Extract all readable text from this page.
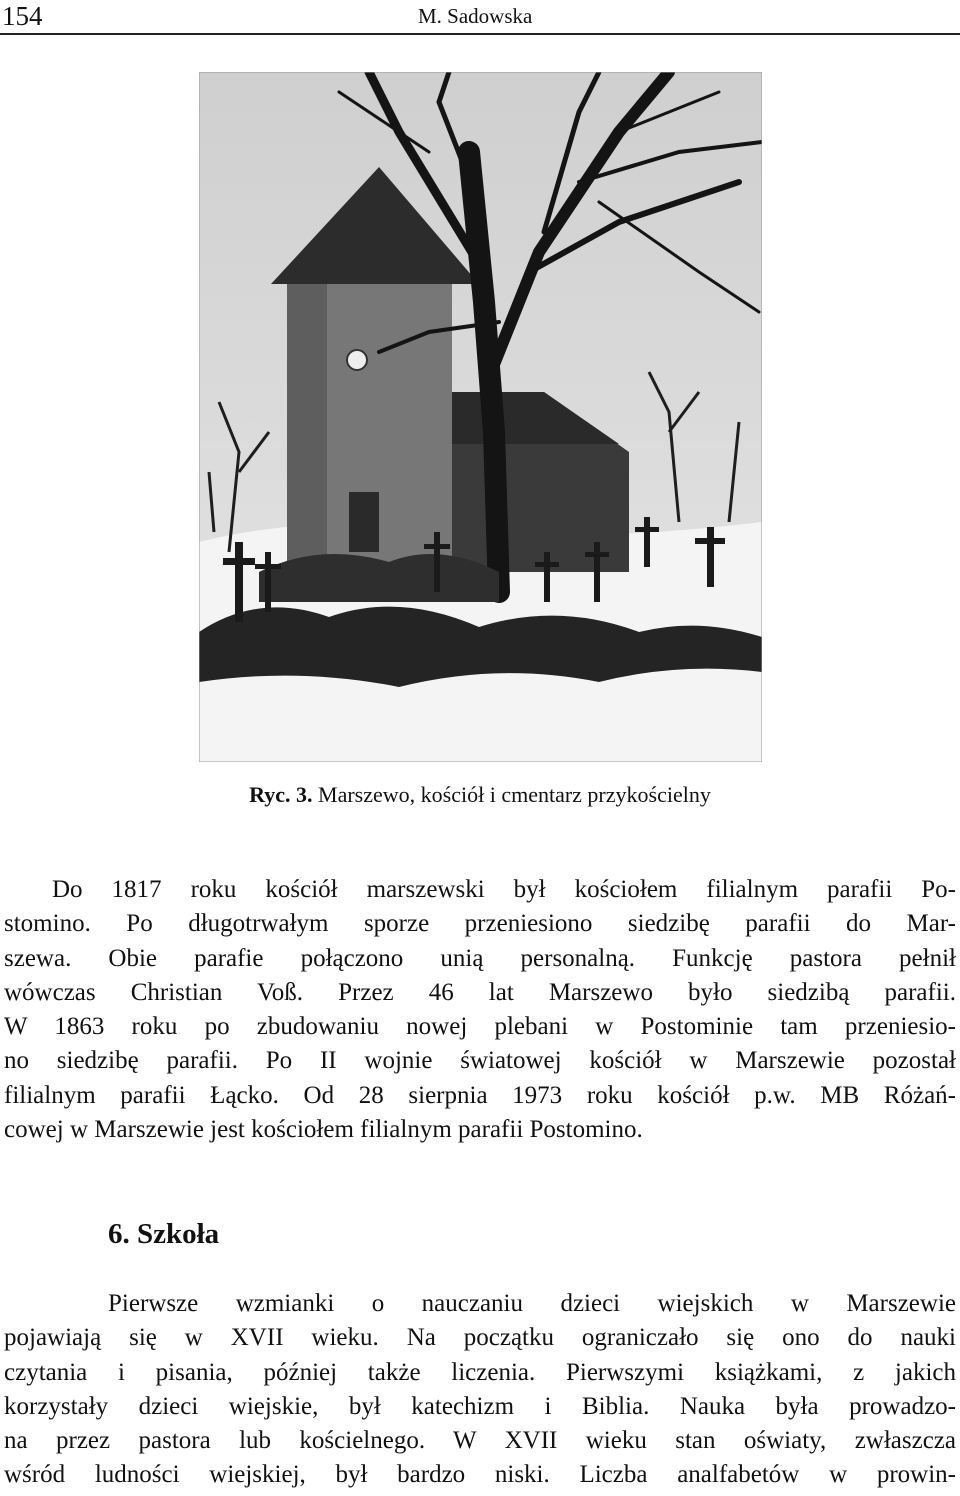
154	M. Sadowska
Ryc. 3. Marszewo, kościół i cmentarz przykościelny
Do 1817 roku kościół marszewski był kościołem filialnym parafii Po-
stomino. Po długotrwałym sporze przeniesiono siedzibę parafii do Mar-
szewa. Obie parafie połączono unią personalną. Funkcję pastora pełnił
wówczas Christian Voß. Przez 46 lat Marszewo było siedzibą parafii.
W 1863 roku po zbudowaniu nowej plebani w Postominie tam przeniesio-
no siedzibę parafii. Po II wojnie światowej kościół w Marszewie pozostał
filialnym parafii Łącko. Od 28 sierpnia 1973 roku kościół p.w. MB Różań-
cowej w Marszewie jest kościołem filialnym parafii Postomino.
6. Szkoła
Pierwsze wzmianki o nauczaniu dzieci wiejskich w Marszewie
pojawiają się w XVII wieku. Na początku ograniczało się ono do nauki
czytania i pisania, później także liczenia. Pierwszymi książkami, z jakich
korzystały dzieci wiejskie, był katechizm i Biblia. Nauka była prowadzo-
na przez pastora lub kościelnego. W XVII wieku stan oświaty, zwłaszcza
wśród ludności wiejskiej, był bardzo niski. Liczba analfabetów w prowin-
